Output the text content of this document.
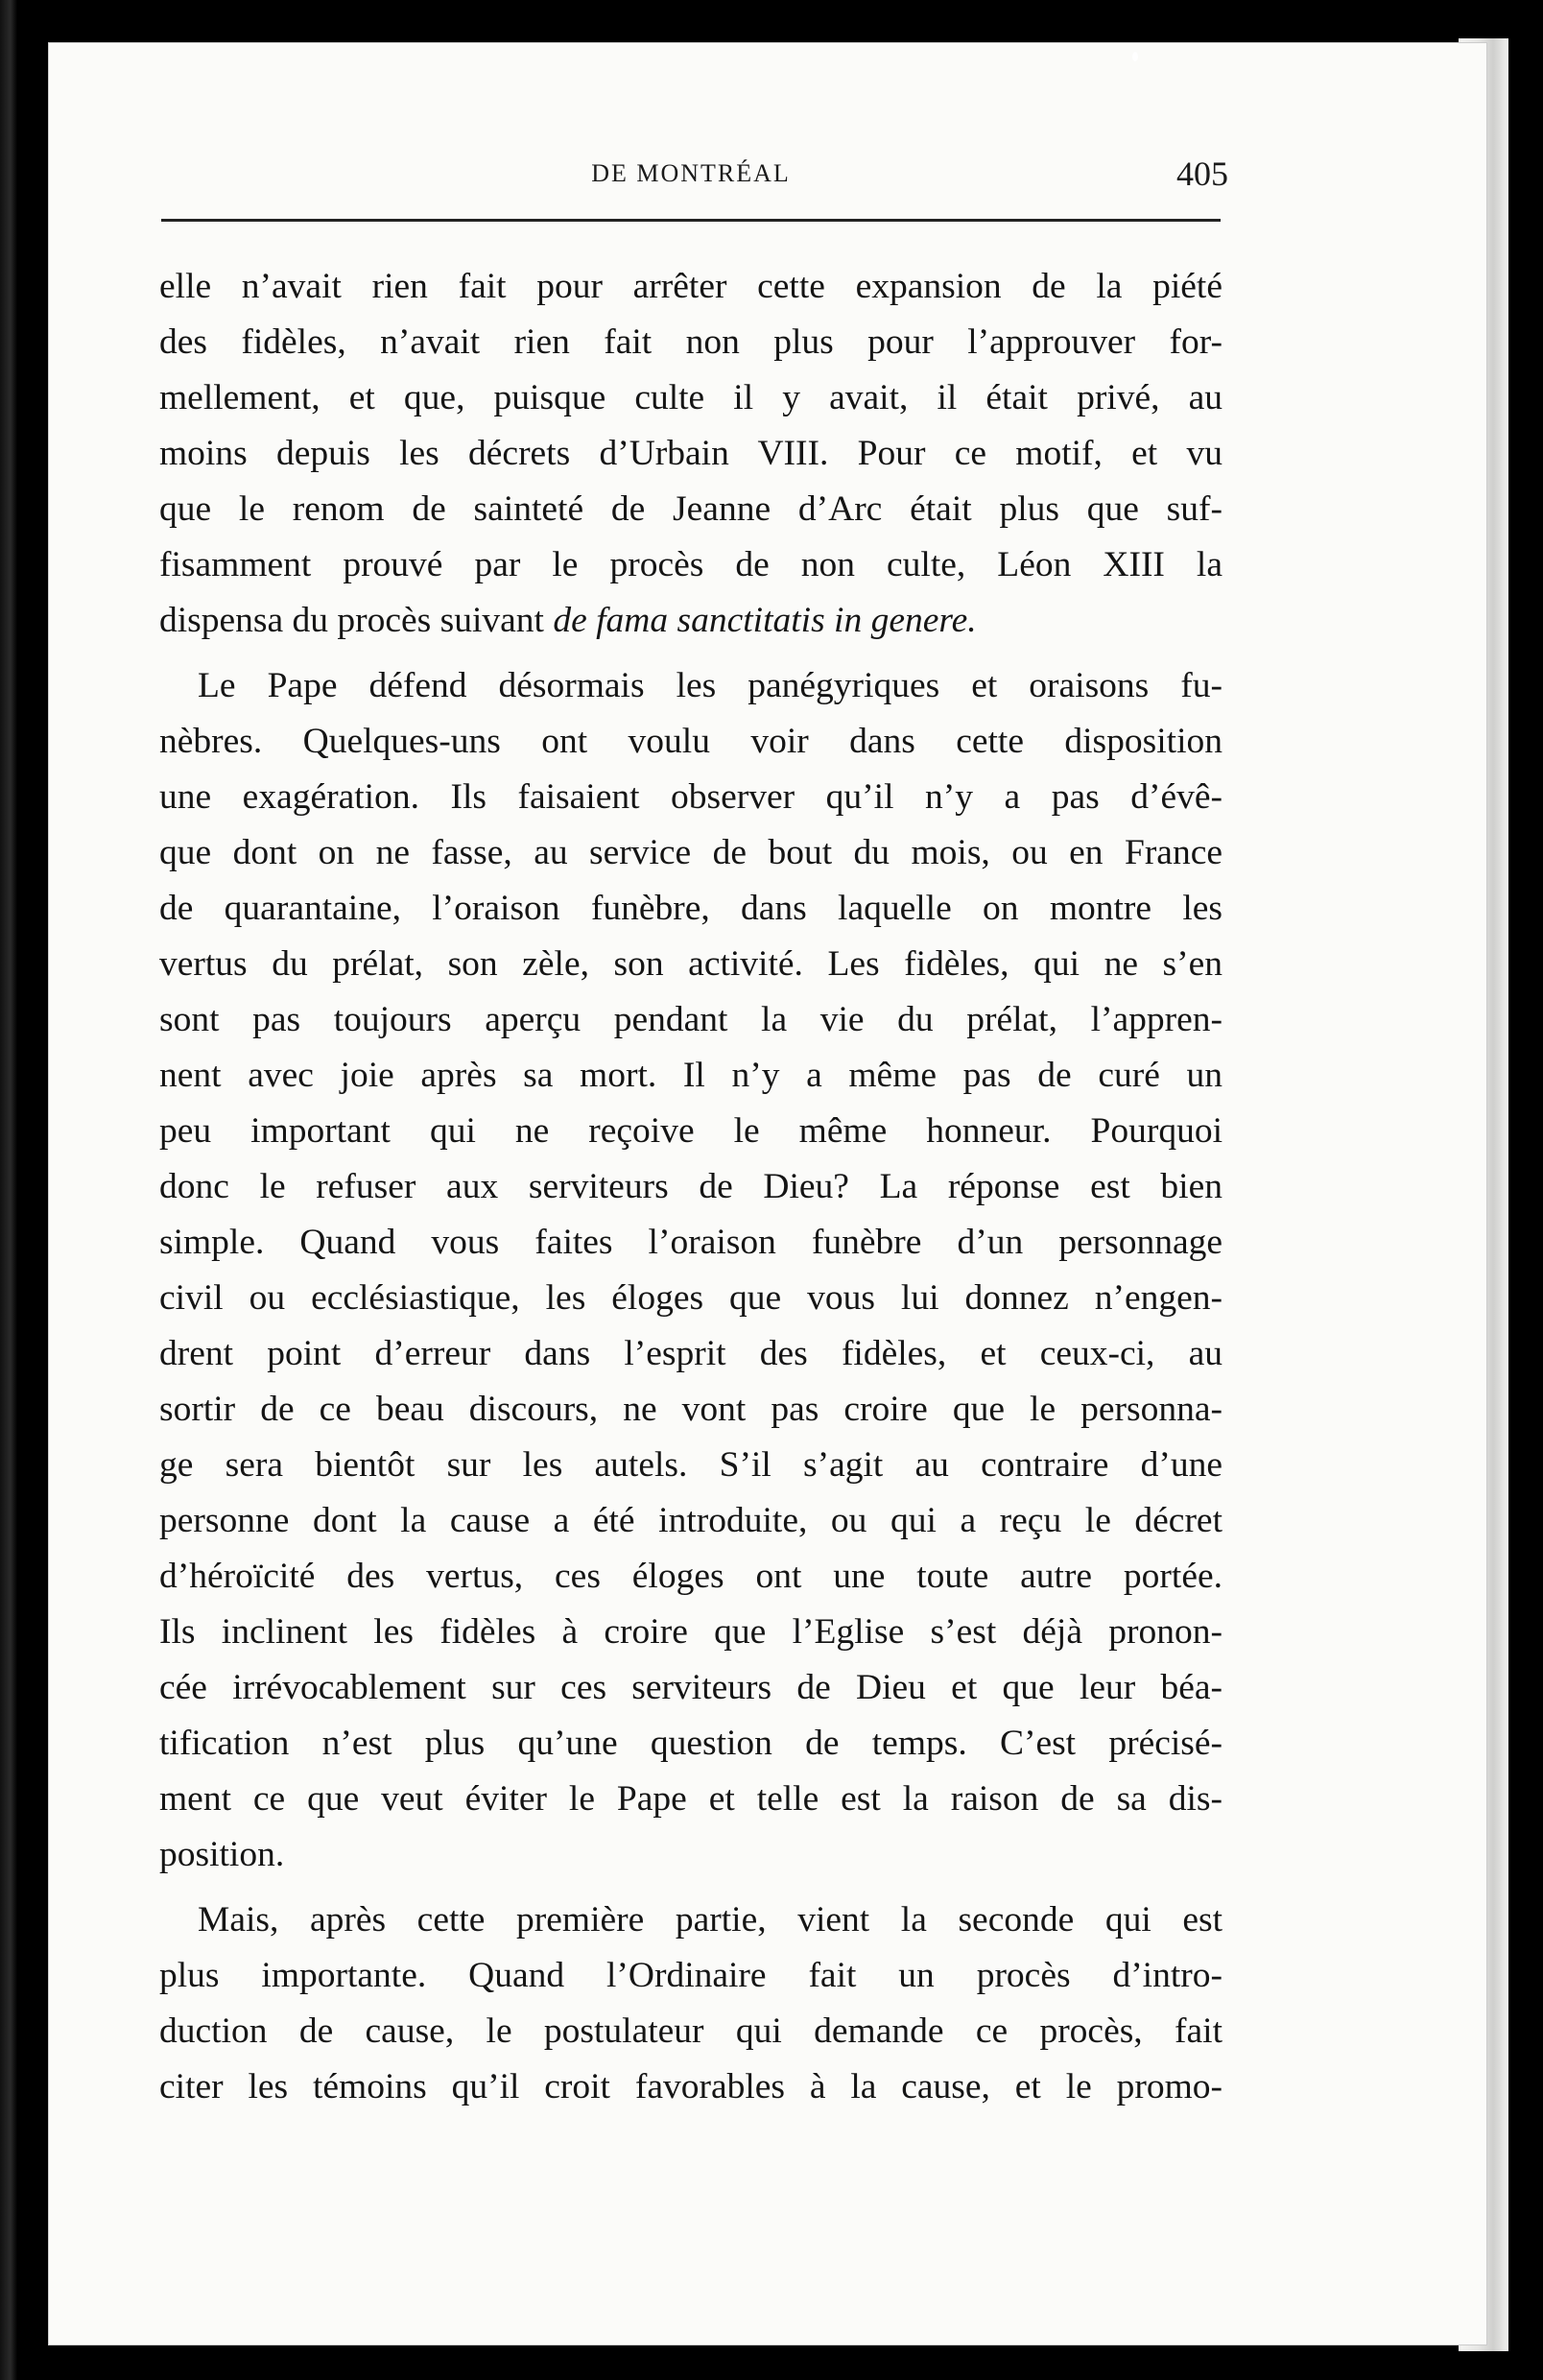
DE MONTRÉAL	405
elle n’avait rien fait pour arrêter cette expansion de la piété
des fidèles, n’avait rien fait non plus pour l’approuver for-
mellement, et que, puisque culte il y avait, il était privé, au
moins depuis les décrets d’Urbain VIII. Pour ce motif, et vu
que le renom de sainteté de Jeanne d’Arc était plus que suf-
fisamment prouvé par le procès de non culte, Léon XIII la
dispensa du procès suivant de fama sanctitatis in genere.
Le Pape défend désormais les panégyriques et oraisons fu-
nèbres. Quelques-uns ont voulu voir dans cette disposition
une exagération. Ils faisaient observer qu’il n’y a pas d’évê-
que dont on ne fasse, au service de bout du mois, ou en France
de quarantaine, l’oraison funèbre, dans laquelle on montre les
vertus du prélat, son zèle, son activité. Les fidèles, qui ne s’en
sont pas toujours aperçu pendant la vie du prélat, l’appren-
nent avec joie après sa mort. Il n’y a même pas de curé un
peu important qui ne reçoive le même honneur. Pourquoi
donc le refuser aux serviteurs de Dieu? La réponse est bien
simple. Quand vous faites l’oraison funèbre d’un personnage
civil ou ecclésiastique, les éloges que vous lui donnez n’engen-
drent point d’erreur dans l’esprit des fidèles, et ceux-ci, au
sortir de ce beau discours, ne vont pas croire que le personna-
ge sera bientôt sur les autels. S’il s’agit au contraire d’une
personne dont la cause a été introduite, ou qui a reçu le décret
d’héroïcité des vertus, ces éloges ont une toute autre portée.
Ils inclinent les fidèles à croire que l’Eglise s’est déjà pronon-
cée irrévocablement sur ces serviteurs de Dieu et que leur béa-
tification n’est plus qu’une question de temps. C’est précisé-
ment ce que veut éviter le Pape et telle est la raison de sa dis-
position.
Mais, après cette première partie, vient la seconde qui est
plus importante. Quand l’Ordinaire fait un procès d’intro-
duction de cause, le postulateur qui demande ce procès, fait
citer les témoins qu’il croit favorables à la cause, et le promo-
